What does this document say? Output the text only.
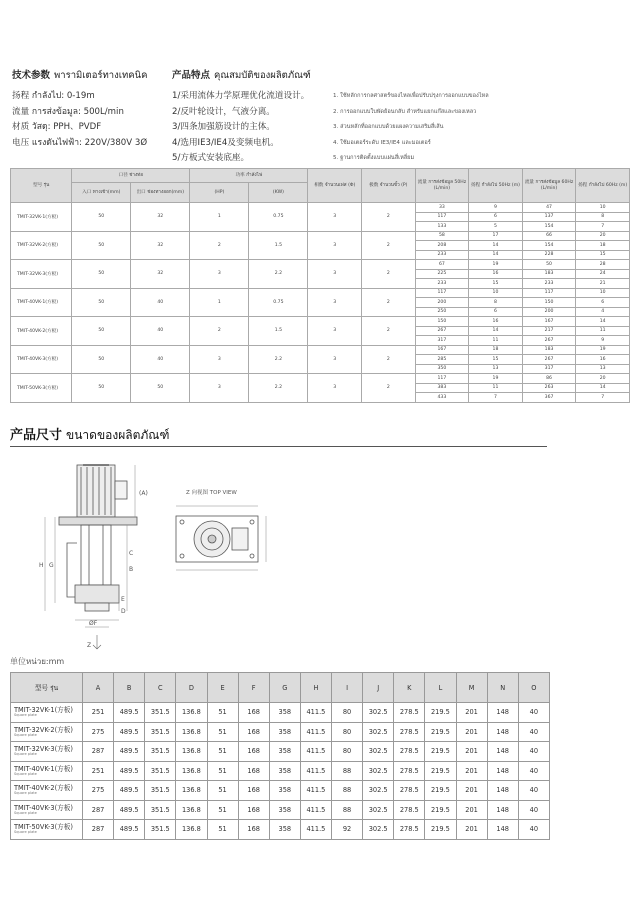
技术参数 พารามิเตอร์ทางเทคนิค	产品特点 คุณสมบัติของผลิตภัณฑ์
扬程 กำลังไป: 0-19m
流量 การส่งข้อมูล: 500L/min
材质 วัสดุ: PPH、PVDF
电压 แรงดันไฟฟ้า: 220V/380V 3Ø
1/采用流体力学原理优化流道设计。
2/反叶轮设计，气液分离。
3/四条加强筋设计的主体。
4/选用IE3/IE4及变频电机。
5/方板式安装底座。
1. ใช้หลักการกลศาสตร์ของไหลเพื่อปรับปรุงการออกแบบของไหล
2. การออกแบบใบพัดย้อนกลับ สำหรับแยกแก๊สและของเหลว
3. ส่วนหลักที่ออกแบบด้วยแผงความเสริมสี่เส้น
4. ใช้มอเตอร์ระดับ IE3/IE4 และมอเตอร์
5. ฐานการติดตั้งแบบแผ่นสี่เหลี่ยม
型号 รุ่น	口径 ช่างท่อ		功率 กำลังไฟ		相数 จำนวนเฟส (Φ)	极数 จำนวนขั้ว (P)	流量 การส่งข้อมูล 50Hz (L/min)	扬程 กำลังไป 50Hz (m)	流量 การส่งข้อมูล 60Hz (L/min)	扬程 กำลังไป 60Hz (m)
	入口 ทางเข้า(mm)	出口 ช่องทางออก(mm)	(HP)	(KW)						
TMIT-32VK-1(方板)	50	32	1	0.75	3	2	33	9	47	10
							117	6	137	8
							133	5	154	7
TMIT-32VK-2(方板)	50	32	2	1.5	3	2	58	17	66	20
							208	14	154	18
							233	14	228	15
TMIT-32VK-3(方板)	50	32	3	2.2	3	2	67	19	50	28
							225	16	183	24
							233	15	233	21
TMIT-40VK-1(方板)	50	40	1	0.75	3	2	117	10	117	10
							200	8	150	6
							250	6	200	4
TMIT-40VK-2(方板)	50	40	2	1.5	3	2	150	16	167	14
							267	14	217	11
							317	11	267	9
TMIT-40VK-3(方板)	50	40	3	2.2	3	2	167	18	183	19
							285	15	267	16
							350	13	317	13
TMIT-50VK-3(方板)	50	50	3	2.2	3	2	117	19	86	20
							383	11	263	14
							433	7	367	7
产品尺寸 ขนาดของผลิตภัณฑ์
(A)
H G
C
B
E
D
ØF
Z
Z 向视图 TOP VIEW
单位หน่วย:mm
型号 รุ่น	A	B	C	D	E	F	G	H	I	J	K	L	M	N	O
TMIT-32VK-1(方板)
Square plate	251	489.5	351.5	136.8	51	168	358	411.5	80	302.5	278.5	219.5	201	148	40
TMIT-32VK-2(方板)
Square plate	275	489.5	351.5	136.8	51	168	358	411.5	80	302.5	278.5	219.5	201	148	40
TMIT-32VK-3(方板)
Square plate	287	489.5	351.5	136.8	51	168	358	411.5	80	302.5	278.5	219.5	201	148	40
TMIT-40VK-1(方板)
Square plate	251	489.5	351.5	136.8	51	168	358	411.5	88	302.5	278.5	219.5	201	148	40
TMIT-40VK-2(方板)
Square plate	275	489.5	351.5	136.8	51	168	358	411.5	88	302.5	278.5	219.5	201	148	40
TMIT-40VK-3(方板)
Square plate	287	489.5	351.5	136.8	51	168	358	411.5	88	302.5	278.5	219.5	201	148	40
TMIT-50VK-3(方板)
Square plate	287	489.5	351.5	136.8	51	168	358	411.5	92	302.5	278.5	219.5	201	148	40
